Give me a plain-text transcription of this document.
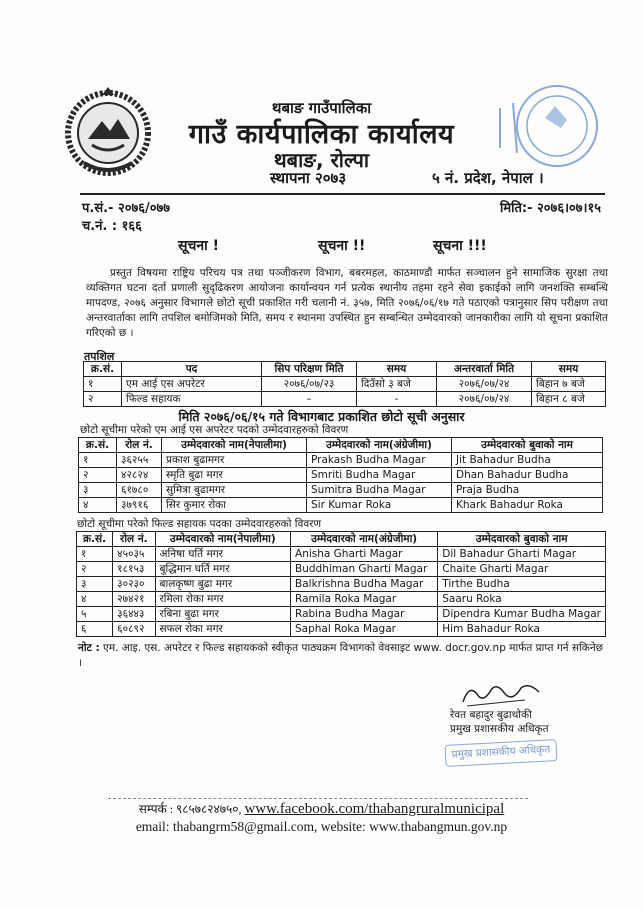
थबाङ गाउँपालिका
गाउँ कार्यपालिका कार्यालय
थबाङ, रोल्पा
स्थापना २०७३	५ नं. प्रदेश, नेपाल ।
प.सं.- २०७६/०७७	मिति:- २०७६।०७।१५
च.नं. : १६६
सूचना !	सूचना !!	सूचना !!!

प्रस्तुत विषयमा राष्ट्रिय परिचय पत्र तथा पञ्जीकरण विभाग, बबरमहल, काठमाण्डौ मार्फत सञ्चालन हुने सामाजिक सुरक्षा तथा व्यक्तिगत घटना दर्ता प्रणाली सुदृढिकरण आयोजना कार्यान्वयन गर्न प्रत्येक स्थानीय तहमा रहने सेवा इकाईको लागि जनशक्ति सम्बन्धि मापदण्ड, २०७६ अनुसार विभागले छोटो सूची प्रकाशित गरी चलानी नं. ३५७, मिति २०७६/०६/१७ गते पठाएको पत्रानुसार सिप परीक्षण तथा अन्तरवार्ताका लागि तपशिल बमोजिमको मिति, समय र स्थानमा उपस्थित हुन सम्बन्धित उम्मेदवारको जानकारीका लागि यो सूचना प्रकाशित गरिएको छ ।

तपशिल
क्र.सं.	पद	सिप परिक्षण मिति	समय	अन्तरवार्ता मिति	समय
१	एम आई एस अपरेटर	२०७६/०७/२३	दिउँसो ३ बजे	२०७६/०७/२४	बिहान ७ बजे
२	फिल्ड सहायक	–	-	२०७६/०७/२४	बिहान ८ बजे
मिति २०७६/०६/१५ गते विभागबाट प्रकाशित छोटो सूची अनुसार
छोटो सूचीमा परेको एम आई एस अपरेटर पदको उम्मेदवारहरुको विवरण
क्र.सं.	रोल नं.	उम्मेदवारको नाम(नेपालीमा)	उम्मेदवारको नाम(अंग्रेजीमा)	उम्मेदवारको बुवाको नाम
१	३६२५५	प्रकाश बुढामगर	Prakash Budha Magar	Jit Bahadur Budha
२	४२८२४	स्मृति बुढा मगर	Smriti Budha Magar	Dhan Bahadur Budha
३	६१७८०	सुमित्रा बुढामगर	Sumitra Budha Magar	Praja Budha
४	३७९१६	सिर कुमार रोका	Sir Kumar Roka	Khark Bahadur Roka
छोटो सूचीमा परेको फिल्ड सहायक पदका उम्मेदवारहरुको विवरण
क्र.सं.	रोल नं.	उम्मेदवारको नाम(नेपालीमा)	उम्मेदवारको नाम(अंग्रेजीमा)	उम्मेदवारको बुवाको नाम
१	४५०३५	अनिषा घर्ति मगर	Anisha Gharti Magar	Dil Bahadur Gharti Magar
२	१८१५३	बुद्धिमान घर्ति मगर	Buddhiman Gharti Magar	Chaite Gharti Magar
३	३०२३०	बालकृष्ण बुढा मगर	Balkrishna Budha Magar	Tirthe Budha
४	२७४२१	रमिला रोका मगर	Ramila Roka Magar	Saaru Roka
५	३६४४३	रबिना बुढा मगर	Rabina Budha Magar	Dipendra Kumar Budha Magar
६	६०८९२	सफल रोका मगर	Saphal Roka Magar	Him Bahadur Roka

नोट : एम. आइ. एस. अपरेटर र फिल्ड सहायकको स्वीकृत पाठ्यक्रम विभागको वेवसाइट www. docr.gov.np मार्फत प्राप्त गर्न सकिनेछ ।

रेवत बहादुर बुढाथोकी
प्रमुख प्रशासकीय अधिकृत
प्रमुख प्रशासकीय अधिकृत
सम्पर्क : ९८५७८२४७५०, www.facebook.com/thabangruralmunicipal
email: thabangrm58@gmail.com, website: www.thabangmun.gov.np
